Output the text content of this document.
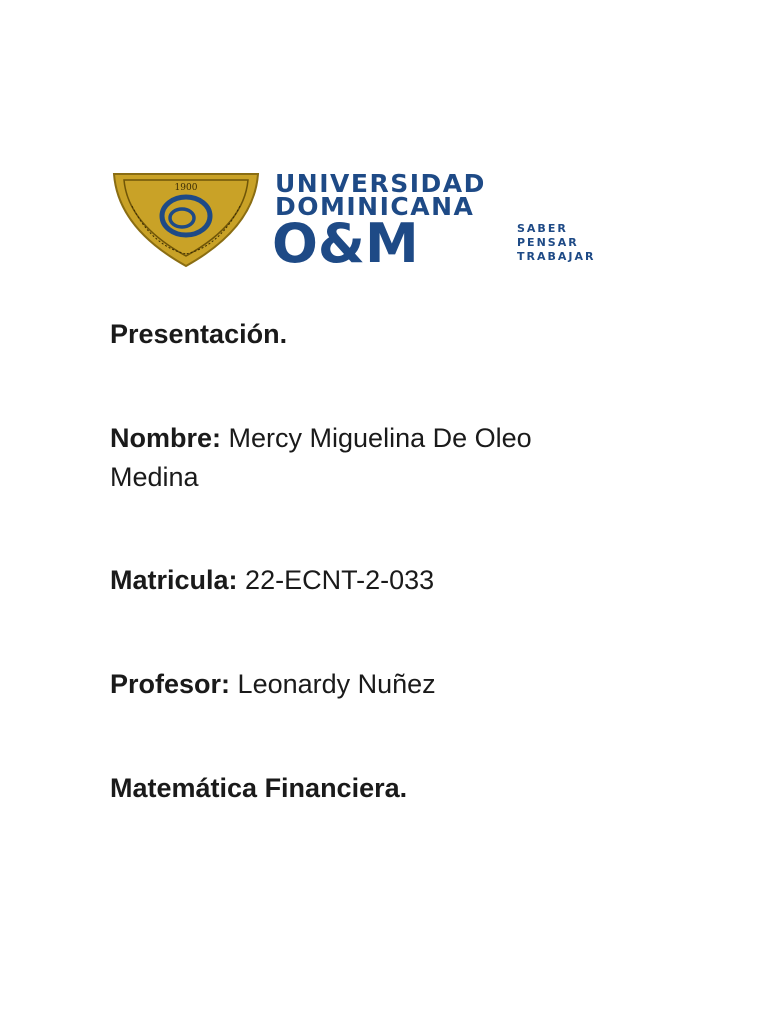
1900	UNIVERSIDAD
DOMINICANA
O&M	SABER
PENSAR
TRABAJAR
Presentación.
Nombre: Mercy Miguelina De Oleo
Medina
Matricula: 22-ECNT-2-033
Profesor: Leonardy Nuñez
Matemática Financiera.
